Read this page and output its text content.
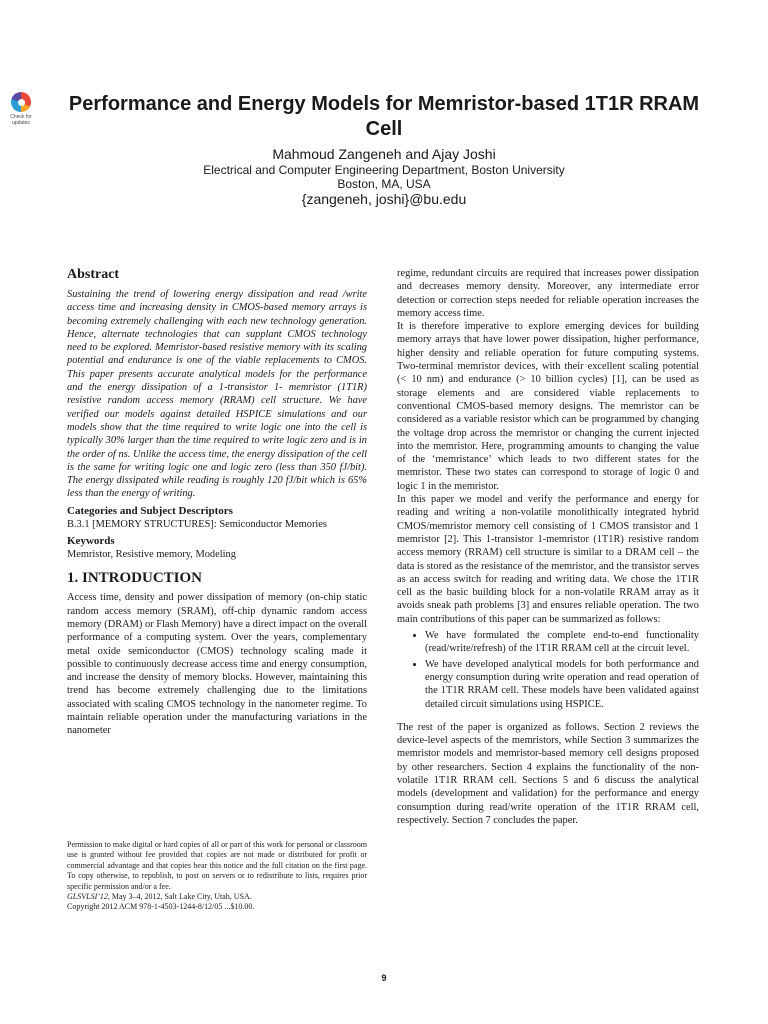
Check for
updates
Performance and Energy Models for Memristor-based 1T1R RRAM Cell
Mahmoud Zangeneh and Ajay Joshi
Electrical and Computer Engineering Department, Boston University
Boston, MA, USA
{zangeneh, joshi}@bu.edu
Abstract

Sustaining the trend of lowering energy dissipation and read /write access time and increasing density in CMOS-based memory arrays is becoming extremely challenging with each new technology generation. Hence, alternate technologies that can supplant CMOS technology need to be explored. Memristor-based resistive memory with its scaling potential and endurance is one of the viable replacements to CMOS. This paper presents accurate analytical models for the performance and the energy dissipation of a 1-transistor 1- memristor (1T1R) resistive random access memory (RRAM) cell structure. We have verified our models against detailed HSPICE simulations and our models show that the time required to write logic one into the cell is typically 30% larger than the time required to write logic zero and is in the order of ns. Unlike the access time, the energy dissipation of the cell is the same for writing logic one and logic zero (less than 350 fJ/bit). The energy dissipated while reading is roughly 120 fJ/bit which is 65% less than the energy of writing.

Categories and Subject Descriptors

B.3.1 [MEMORY STRUCTURES]: Semiconductor Memories

Keywords

Memristor, Resistive memory, Modeling

1. INTRODUCTION

Access time, density and power dissipation of memory (on-chip static random access memory (SRAM), off-chip dynamic random access memory (DRAM) or Flash Memory) have a direct impact on the overall performance of a computing system. Over the years, complementary metal oxide semiconductor (CMOS) technology scaling made it possible to continuously decrease access time and energy consumption, and increase the density of memory blocks. However, maintaining this trend has become extremely challenging due to the limitations associated with scaling CMOS technology in the nanometer regime. To maintain reliable operation under the manufacturing variations in the nanometer

Permission to make digital or hard copies of all or part of this work for personal or classroom use is granted without fee provided that copies are not made or distributed for profit or commercial advantage and that copies bear this notice and the full citation on the first page. To copy otherwise, to republish, to post on servers or to redistribute to lists, requires prior specific permission and/or a fee.

GLSVLSI’12, May 3–4, 2012, Salt Lake City, Utah, USA.
Copyright 2012 ACM 978-1-4503-1244-8/12/05 ...$10.00.

regime, redundant circuits are required that increases power dissipation and decreases memory density. Moreover, any intermediate error detection or correction steps needed for reliable operation increases the memory access time.

It is therefore imperative to explore emerging devices for building memory arrays that have lower power dissipation, higher performance, higher density and reliable operation for future computing systems. Two-terminal memristor devices, with their excellent scaling potential (< 10 nm) and endurance (> 10 billion cycles) [1], can be used as storage elements and are considered viable replacements to conventional CMOS-based memory designs. The memristor can be considered as a variable resistor which can be programmed by changing the voltage drop across the memristor or changing the current injected into the memristor. Here, programming amounts to changing the value of the ‘memristance’ which leads to two different states for the memristor. These two states can correspond to storage of logic 0 and logic 1 in the memristor.

In this paper we model and verify the performance and energy for reading and writing a non-volatile monolithically integrated hybrid CMOS/memristor memory cell consisting of 1 CMOS transistor and 1 memristor [2]. This 1-transistor 1-memristor (1T1R) resistive random access memory (RRAM) cell structure is similar to a DRAM cell – the data is stored as the resistance of the memristor, and the transistor serves as an access switch for reading and writing data. We chose the 1T1R cell as the basic building block for a non-volatile RRAM array as it avoids sneak path problems [3] and ensures reliable operation. The two main contributions of this paper can be summarized as follows:

• We have formulated the complete end-to-end functionality (read/write/refresh) of the 1T1R RRAM cell at the circuit level.
• We have developed analytical models for both performance and energy consumption during write operation and read operation of the 1T1R RRAM cell. These models have been validated against detailed circuit simulations using HSPICE.

The rest of the paper is organized as follows. Section 2 reviews the device-level aspects of the memristors, while Section 3 summarizes the memristor models and memristor-based memory cell designs proposed by other researchers. Section 4 explains the functionality of the non-volatile 1T1R RRAM cell. Sections 5 and 6 discuss the analytical models (development and validation) for the performance and energy consumption during read/write operation of the 1T1R RRAM cell, respectively. Section 7 concludes the paper.

9
